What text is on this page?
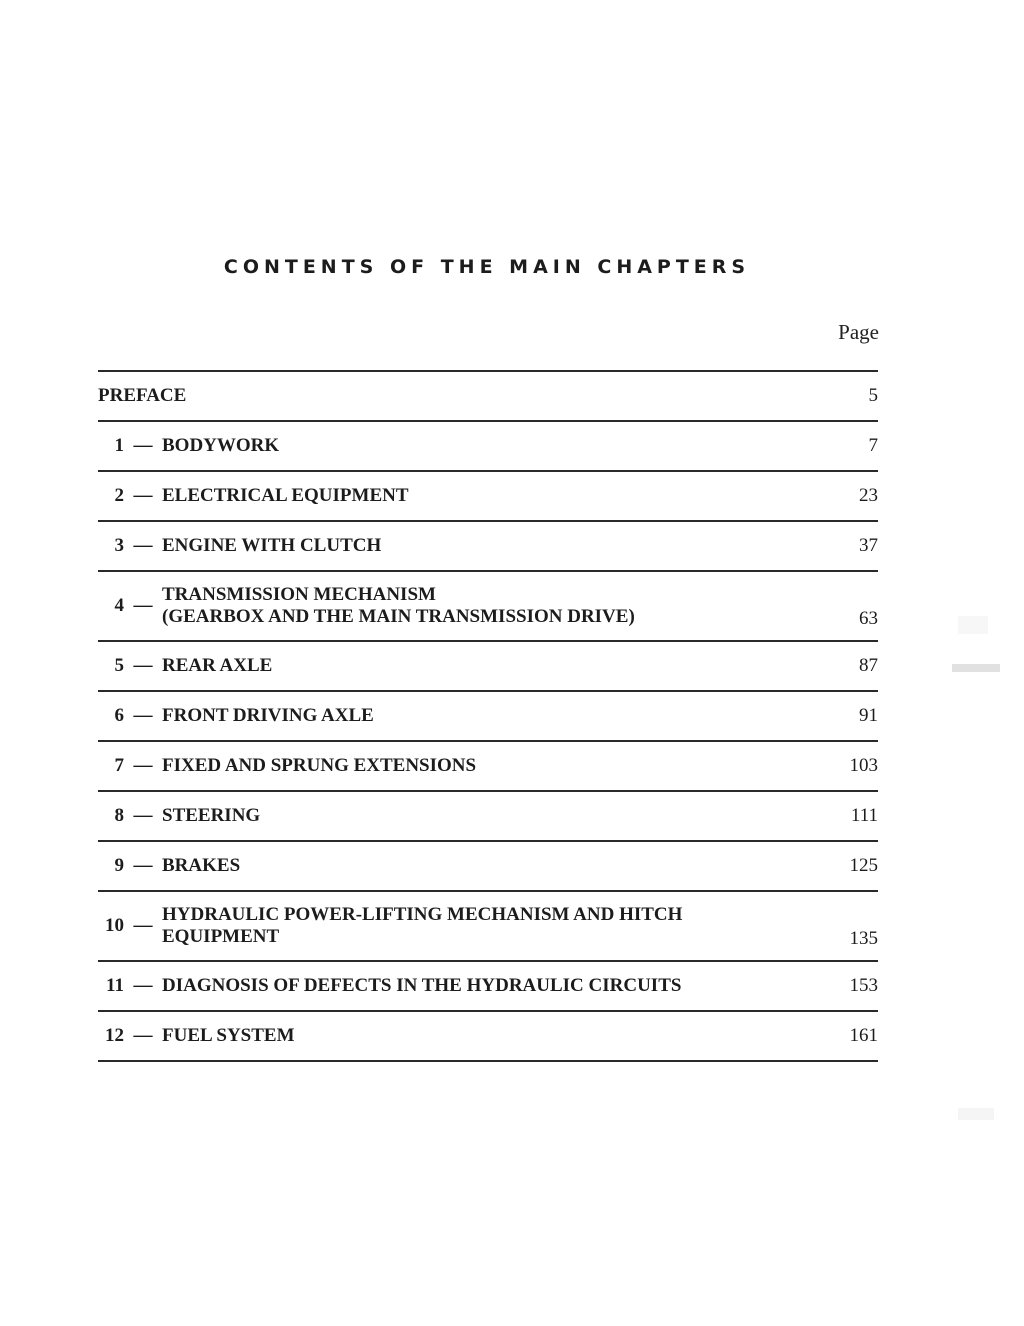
CONTENTS OF THE MAIN CHAPTERS
Page
PREFACE	5
1 — BODYWORK	7
2 — ELECTRICAL EQUIPMENT	23
3 — ENGINE WITH CLUTCH	37
4 —
TRANSMISSION MECHANISM
(GEARBOX AND THE MAIN TRANSMISSION DRIVE)	63
5 — REAR AXLE	87
6 — FRONT DRIVING AXLE	91
7 — FIXED AND SPRUNG EXTENSIONS	103
8 — STEERING	111
9 — BRAKES	125
10 —
HYDRAULIC POWER-LIFTING MECHANISM AND HITCH
EQUIPMENT	135
11 — DIAGNOSIS OF DEFECTS IN THE HYDRAULIC CIRCUITS	153
12 — FUEL SYSTEM	161
